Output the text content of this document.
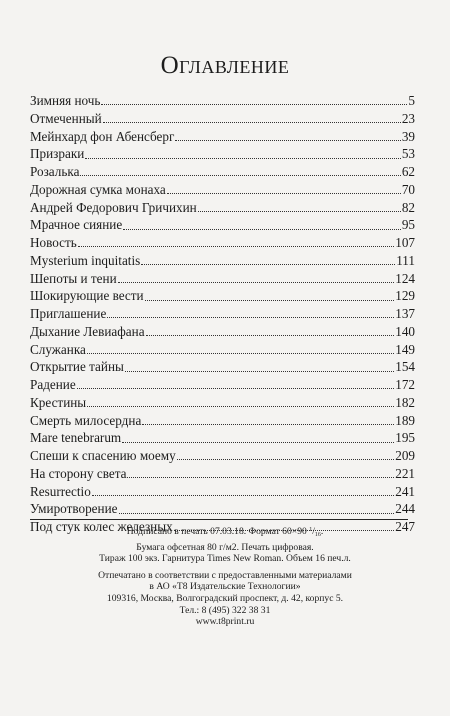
Оглавление
Зимняя ночь	5
Отмеченный	23
Мейнхард фон Абенсберг	39
Призраки	53
Розалька	62
Дорожная сумка монаха	70
Андрей Федорович Гричихин	82
Мрачное сияние	95
Новость	107
Mysterium inquitatis	111
Шепоты и тени	124
Шокирующие вести	129
Приглашение	137
Дыхание Левиафана	140
Служанка	149
Открытие тайны	154
Радение	172
Крестины	182
Смерть милосердна	189
Mare tenebrarum	195
Спеши к спасению моему	209
На сторону света	221
Resurrectio	241
Умиротворение	244
Под стук колес железных	247
Подписано в печать 07.03.18. Формат 60×90 $^1/_{16}$.
Бумага офсетная 80 г/м2. Печать цифровая.
Тираж 100 экз. Гарнитура Times New Roman. Объем 16 печ.л.
Отпечатано в соответствии с предоставленными материалами
в АО «Т8 Издательские Технологии»
109316, Москва, Волгоградский проспект, д. 42, корпус 5.
Тел.: 8 (495) 322 38 31
www.t8print.ru
